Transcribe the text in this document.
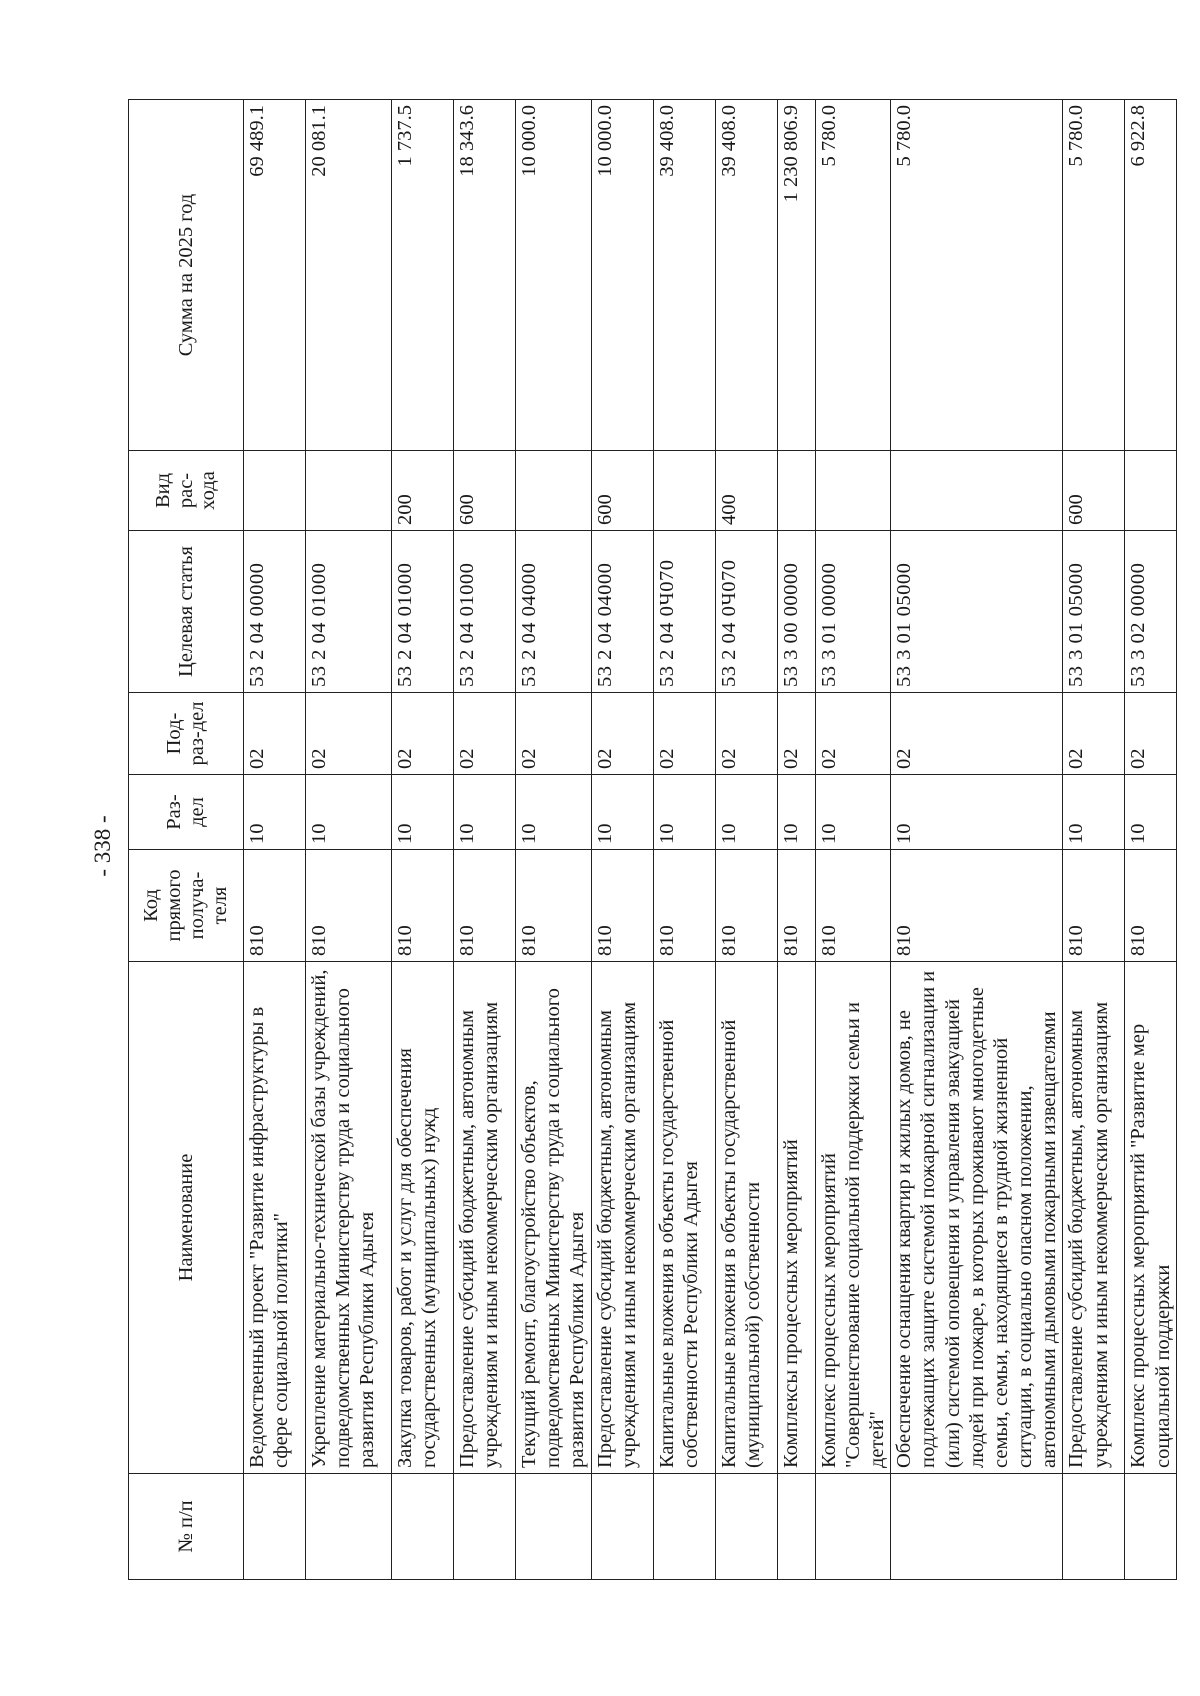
- 338 -
№ п/п	Наименование	Код прямого получа-теля	Раз-дел	Под-раз-дел	Целевая статья	Вид рас-хода	Сумма на 2025 год
	Ведомственный проект "Развитие инфраструктуры в сфере социальной политики"	810	10	02	53 2 04 00000		69 489.1
	Укрепление материально-технической базы учреждений, подведомственных Министерству труда и социального развития Республики Адыгея	810	10	02	53 2 04 01000		20 081.1
	Закупка товаров, работ и услуг для обеспечения государственных (муниципальных) нужд	810	10	02	53 2 04 01000	200	1 737.5
	Предоставление субсидий бюджетным, автономным учреждениям и иным некоммерческим организациям	810	10	02	53 2 04 01000	600	18 343.6
	Текущий ремонт, благоустройство объектов, подведомственных Министерству труда и социального развития Республики Адыгея	810	10	02	53 2 04 04000		10 000.0
	Предоставление субсидий бюджетным, автономным учреждениям и иным некоммерческим организациям	810	10	02	53 2 04 04000	600	10 000.0
	Капитальные вложения в объекты государственной собственности Республики Адыгея	810	10	02	53 2 04 0Ч070		39 408.0
	Капитальные вложения в объекты государственной (муниципальной) собственности	810	10	02	53 2 04 0Ч070	400	39 408.0
	Комплексы процессных мероприятий	810	10	02	53 3 00 00000		1 230 806.9
	Комплекс процессных мероприятий "Совершенствование социальной поддержки семьи и детей"	810	10	02	53 3 01 00000		5 780.0
	Обеспечение оснащения квартир и жилых домов, не подлежащих защите системой пожарной сигнализации и (или) системой оповещения и управления эвакуацией людей при пожаре, в которых проживают многодетные семьи, семьи, находящиеся в трудной жизненной ситуации, в социально опасном положении, автономными дымовыми пожарными извещателями	810	10	02	53 3 01 05000		5 780.0
	Предоставление субсидий бюджетным, автономным учреждениям и иным некоммерческим организациям	810	10	02	53 3 01 05000	600	5 780.0
	Комплекс процессных мероприятий "Развитие мер социальной поддержки	810	10	02	53 3 02 00000		6 922.8
